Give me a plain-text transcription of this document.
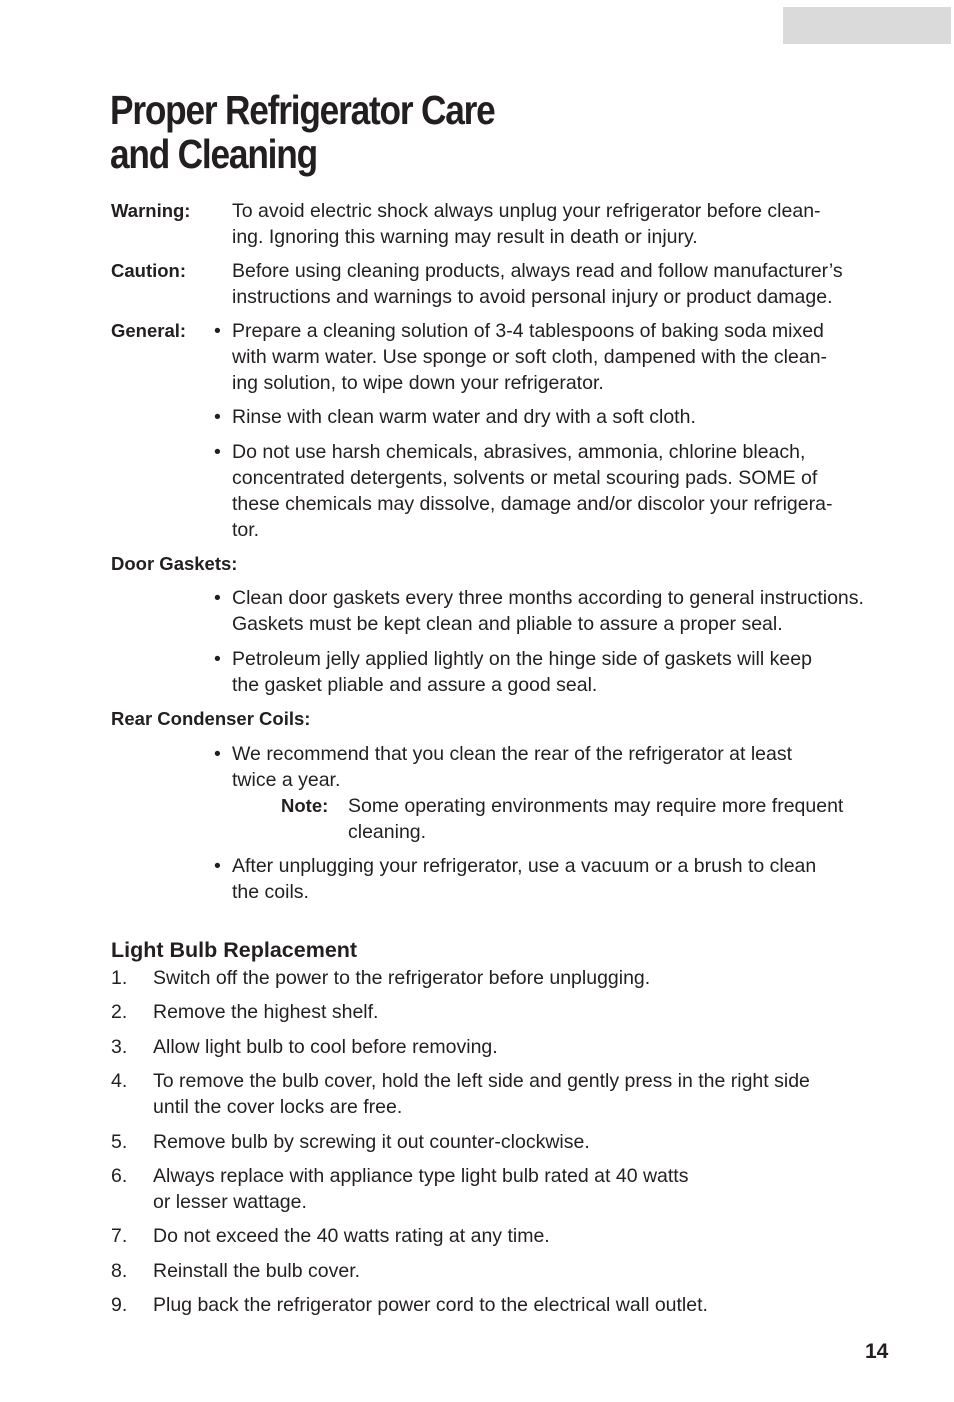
Proper Refrigerator Care
and Cleaning
Warning: To avoid electric shock always unplug your refrigerator before clean-
ing. Ignoring this warning may result in death or injury.
Caution: Before using cleaning products, always read and follow manufacturer’s
instructions and warnings to avoid personal injury or product damage.
General: • Prepare a cleaning solution of 3-4 tablespoons of baking soda mixed
with warm water. Use sponge or soft cloth, dampened with the clean-
ing solution, to wipe down your refrigerator.
• Rinse with clean warm water and dry with a soft cloth.
• Do not use harsh chemicals, abrasives, ammonia, chlorine bleach,
concentrated detergents, solvents or metal scouring pads. SOME of
these chemicals may dissolve, damage and/or discolor your refrigera-
tor.
Door Gaskets:
• Clean door gaskets every three months according to general instructions.
Gaskets must be kept clean and pliable to assure a proper seal.
• Petroleum jelly applied lightly on the hinge side of gaskets will keep
the gasket pliable and assure a good seal.
Rear Condenser Coils:
• We recommend that you clean the rear of the refrigerator at least
twice a year.
Note: Some operating environments may require more frequent
cleaning.
• After unplugging your refrigerator, use a vacuum or a brush to clean
the coils.
Light Bulb Replacement
1. Switch off the power to the refrigerator before unplugging.
2. Remove the highest shelf.
3. Allow light bulb to cool before removing.
4. To remove the bulb cover, hold the left side and gently press in the right side
until the cover locks are free.
5. Remove bulb by screwing it out counter-clockwise.
6. Always replace with appliance type light bulb rated at 40 watts
or lesser wattage.
7. Do not exceed the 40 watts rating at any time.
8. Reinstall the bulb cover.
9. Plug back the refrigerator power cord to the electrical wall outlet.
14
